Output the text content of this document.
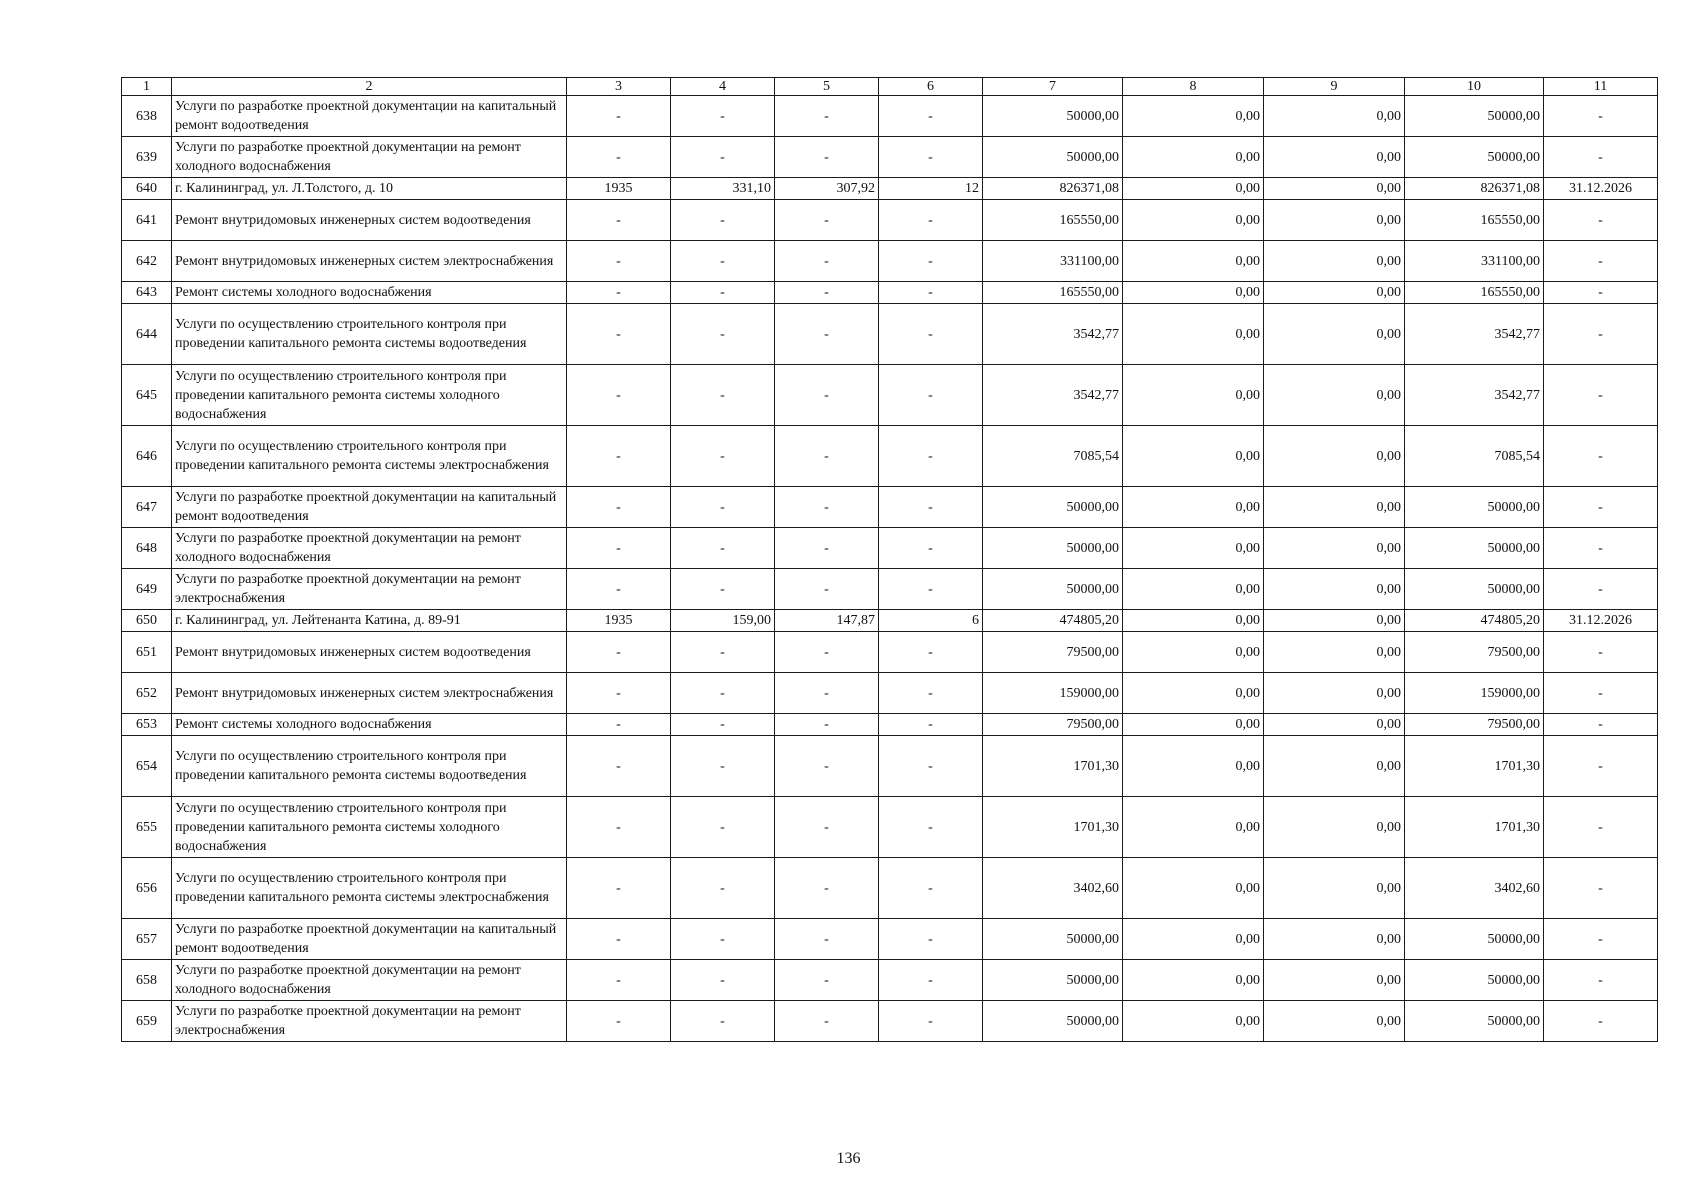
1	2	3	4	5	6	7	8	9	10	11
638	Услуги по разработке проектной документации на капитальный ремонт водоотведения	-	-	-	-	50000,00	0,00	0,00	50000,00	-
639	Услуги по разработке проектной документации на ремонт холодного водоснабжения	-	-	-	-	50000,00	0,00	0,00	50000,00	-
640	г. Калининград, ул. Л.Толстого, д. 10	1935	331,10	307,92	12	826371,08	0,00	0,00	826371,08	31.12.2026
641	Ремонт внутридомовых инженерных систем водоотведения	-	-	-	-	165550,00	0,00	0,00	165550,00	-
642	Ремонт внутридомовых инженерных систем электроснабжения	-	-	-	-	331100,00	0,00	0,00	331100,00	-
643	Ремонт системы холодного водоснабжения	-	-	-	-	165550,00	0,00	0,00	165550,00	-
644	Услуги по осуществлению строительного контроля при проведении капитального ремонта системы водоотведения	-	-	-	-	3542,77	0,00	0,00	3542,77	-
645	Услуги по осуществлению строительного контроля при проведении капитального ремонта системы холодного водоснабжения	-	-	-	-	3542,77	0,00	0,00	3542,77	-
646	Услуги по осуществлению строительного контроля при проведении капитального ремонта системы электроснабжения	-	-	-	-	7085,54	0,00	0,00	7085,54	-
647	Услуги по разработке проектной документации на капитальный ремонт водоотведения	-	-	-	-	50000,00	0,00	0,00	50000,00	-
648	Услуги по разработке проектной документации на ремонт холодного водоснабжения	-	-	-	-	50000,00	0,00	0,00	50000,00	-
649	Услуги по разработке проектной документации на ремонт электроснабжения	-	-	-	-	50000,00	0,00	0,00	50000,00	-
650	г. Калининград, ул. Лейтенанта Катина, д. 89-91	1935	159,00	147,87	6	474805,20	0,00	0,00	474805,20	31.12.2026
651	Ремонт внутридомовых инженерных систем водоотведения	-	-	-	-	79500,00	0,00	0,00	79500,00	-
652	Ремонт внутридомовых инженерных систем электроснабжения	-	-	-	-	159000,00	0,00	0,00	159000,00	-
653	Ремонт системы холодного водоснабжения	-	-	-	-	79500,00	0,00	0,00	79500,00	-
654	Услуги по осуществлению строительного контроля при проведении капитального ремонта системы водоотведения	-	-	-	-	1701,30	0,00	0,00	1701,30	-
655	Услуги по осуществлению строительного контроля при проведении капитального ремонта системы холодного водоснабжения	-	-	-	-	1701,30	0,00	0,00	1701,30	-
656	Услуги по осуществлению строительного контроля при проведении капитального ремонта системы электроснабжения	-	-	-	-	3402,60	0,00	0,00	3402,60	-
657	Услуги по разработке проектной документации на капитальный ремонт водоотведения	-	-	-	-	50000,00	0,00	0,00	50000,00	-
658	Услуги по разработке проектной документации на ремонт холодного водоснабжения	-	-	-	-	50000,00	0,00	0,00	50000,00	-
659	Услуги по разработке проектной документации на ремонт электроснабжения	-	-	-	-	50000,00	0,00	0,00	50000,00	-
136
